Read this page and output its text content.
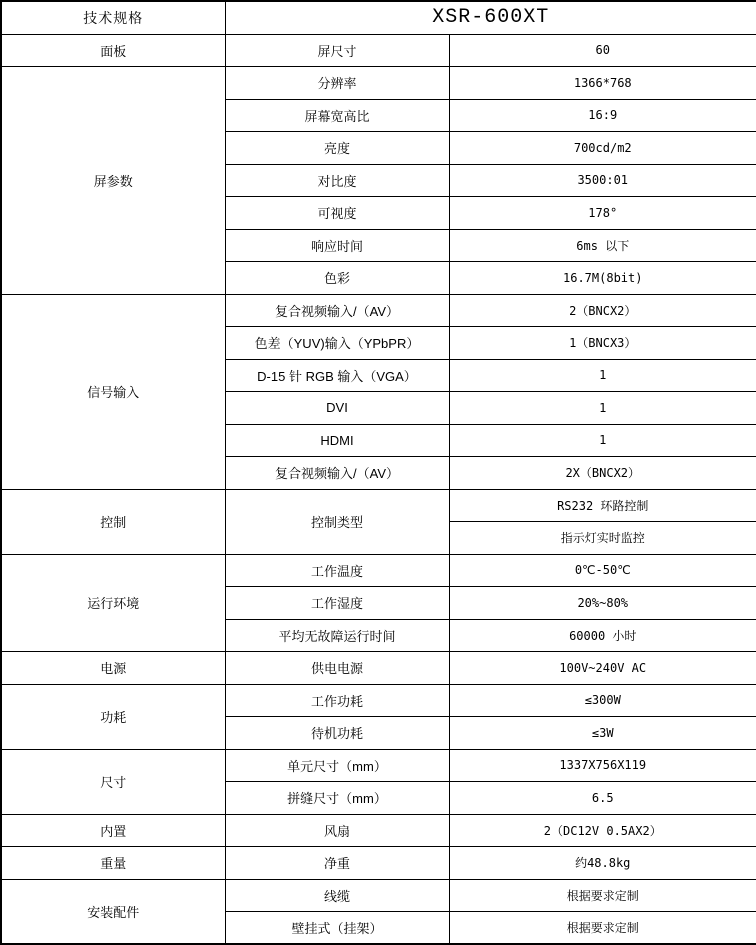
技术规格	XSR-600XT	
面板	屏尺寸	60
屏参数	分辨率	1366*768
	屏幕宽高比	16:9
	亮度	700cd/m2
	对比度	3500:01
	可视度	178°
	响应时间	6ms 以下
	色彩	16.7M(8bit)
信号输入	复合视频输入/（AV）	2（BNCX2）
	色差（YUV)输入（YPbPR）	1（BNCX3）
	D-15 针 RGB 输入（VGA）	1
	DVI	1
	HDMI	1
	复合视频输入/（AV）	2X（BNCX2）
控制	控制类型	RS232 环路控制
		指示灯实时监控
运行环境	工作温度	0℃-50℃
	工作湿度	20%~80%
	平均无故障运行时间	60000 小时
电源	供电电源	100V~240V AC
功耗	工作功耗	≤300W
	待机功耗	≤3W
尺寸	单元尺寸（mm）	1337X756X119
	拼缝尺寸（mm）	6.5
内置	风扇	2（DC12V 0.5AX2）
重量	净重	约48.8kg
安装配件	线缆	根据要求定制
	壁挂式（挂架）	根据要求定制
